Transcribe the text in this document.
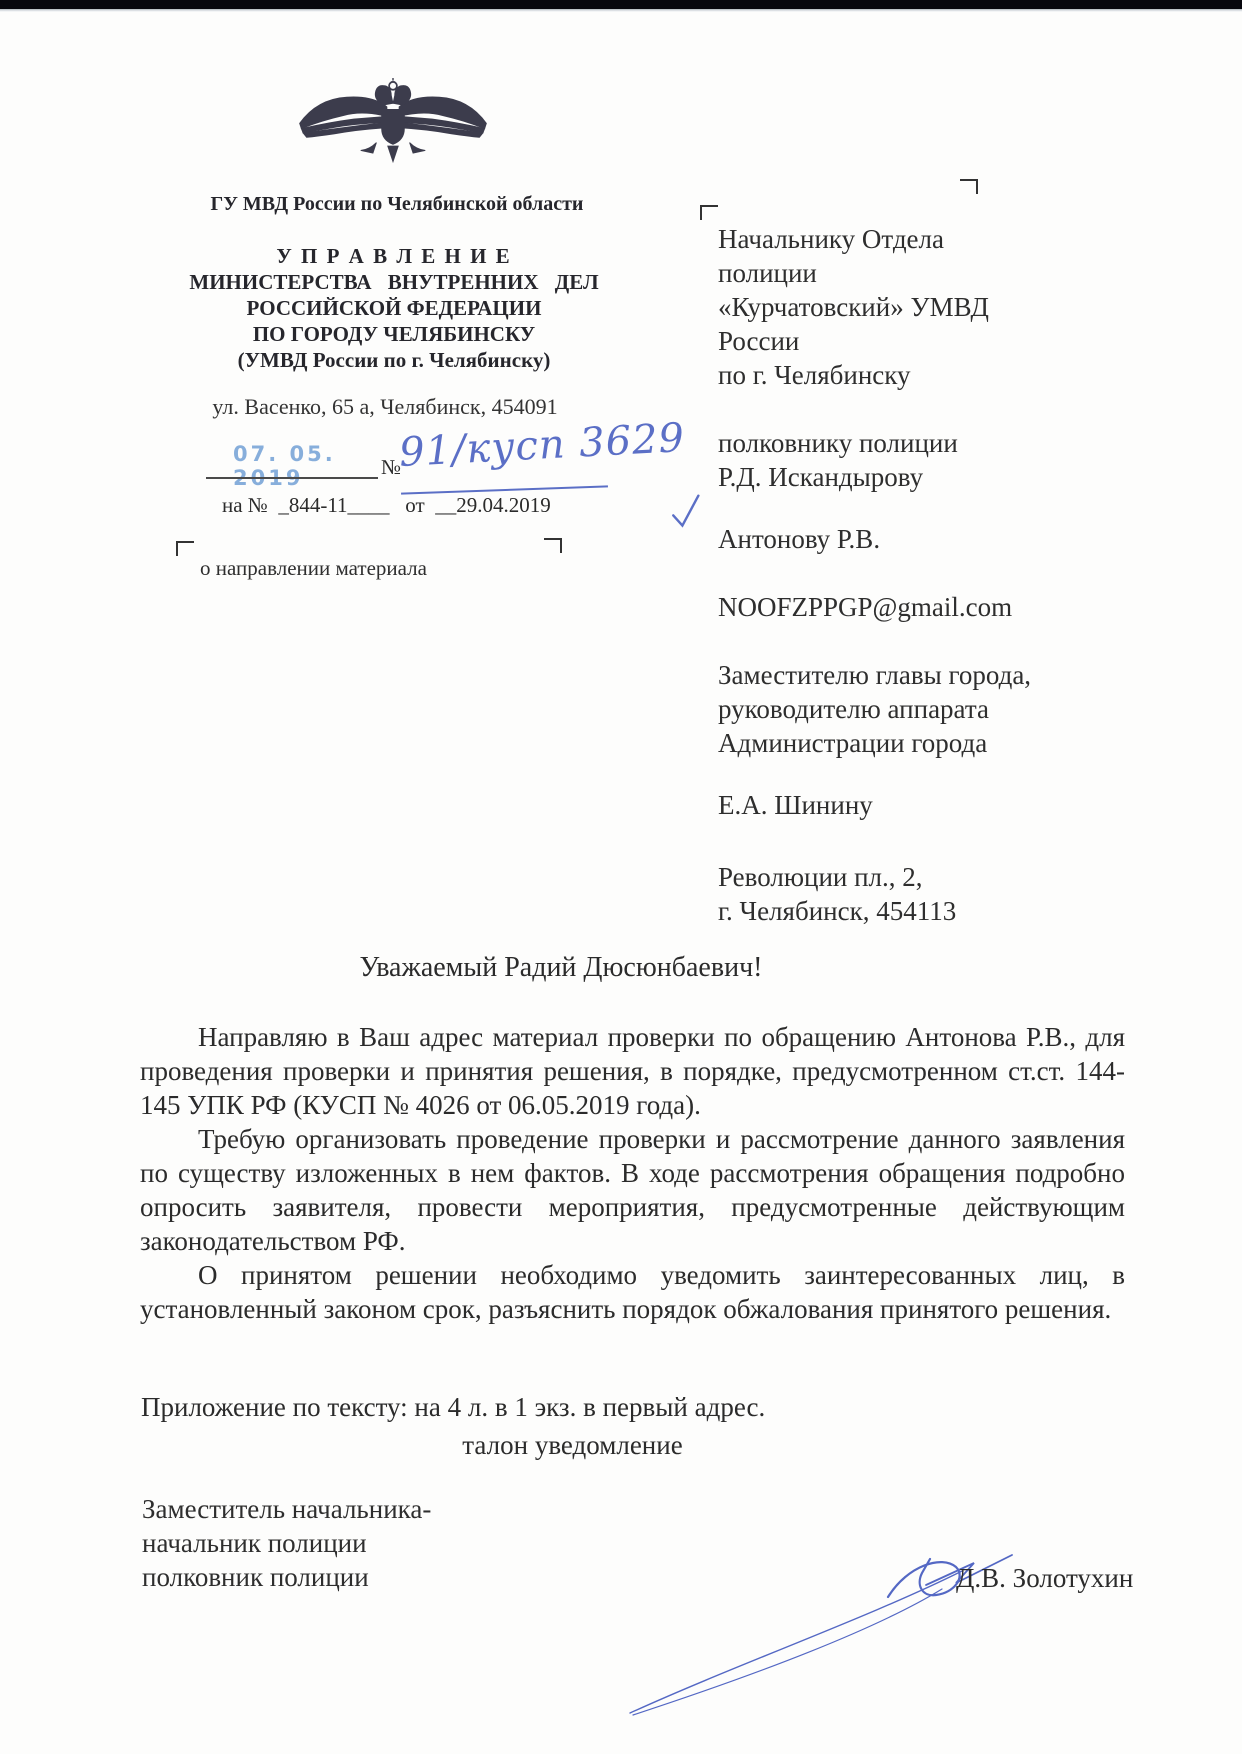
ГУ МВД России по Челябинской области
У П Р А В Л Е Н И Е
МИНИСТЕРСТВА ВНУТРЕННИХ ДЕЛ
РОССИЙСКОЙ ФЕДЕРАЦИИ
ПО ГОРОДУ ЧЕЛЯБИНСКУ
(УМВД России по г. Челябинску)
ул. Васенко, 65 а, Челябинск, 454091
07. 05. 2019	№
91/кусп 3629
на №  _844-11____   от  __29.04.2019
о направлении материала
Начальнику Отдела полиции
«Курчатовский» УМВД России
по г. Челябинску
полковнику полиции
Р.Д. Искандырову
Антонову Р.В.
NOOFZPPGP@gmail.com
Заместителю главы города,
руководителю аппарата
Администрации города
Е.А. Шинину
Революции пл., 2,
г. Челябинск, 454113
Уважаемый Радий Дюсюнбаевич!

Направляю в Ваш адрес материал проверки по обращению Антонова Р.В., для проведения проверки и принятия решения, в порядке, предусмотренном ст.ст. 144-145 УПК РФ (КУСП № 4026 от 06.05.2019 года).

Требую организовать проведение проверки и рассмотрение данного заявления по существу изложенных в нем фактов. В ходе рассмотрения обращения подробно опросить заявителя, провести мероприятия, предусмотренные действующим законодательством РФ.

О принятом решении необходимо уведомить заинтересованных лиц, в установленный законом срок, разъяснить порядок обжалования принятого решения.

Приложение по тексту: на 4 л. в 1 экз. в первый адрес.
талон уведомление
Заместитель начальника-
начальник полиции
полковник полиции	Д.В. Золотухин
